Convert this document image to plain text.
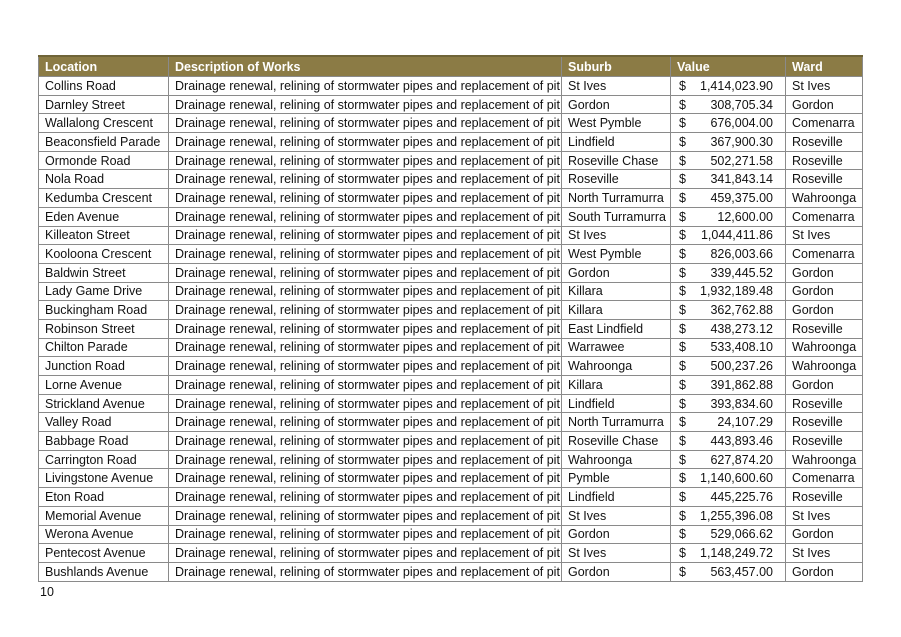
Location	Description of Works	Suburb	Value	Ward
Collins Road	Drainage renewal, relining of stormwater pipes and replacement of pit	St Ives	$ 1,414,023.90	St Ives
Darnley Street	Drainage renewal, relining of stormwater pipes and replacement of pit	Gordon	$ 308,705.34	Gordon
Wallalong Crescent	Drainage renewal, relining of stormwater pipes and replacement of pit	West Pymble	$ 676,004.00	Comenarra
Beaconsfield Parade	Drainage renewal, relining of stormwater pipes and replacement of pit	Lindfield	$ 367,900.30	Roseville
Ormonde Road	Drainage renewal, relining of stormwater pipes and replacement of pit	Roseville Chase	$ 502,271.58	Roseville
Nola Road	Drainage renewal, relining of stormwater pipes and replacement of pit	Roseville	$ 341,843.14	Roseville
Kedumba Crescent	Drainage renewal, relining of stormwater pipes and replacement of pit	North Turramurra	$ 459,375.00	Wahroonga
Eden Avenue	Drainage renewal, relining of stormwater pipes and replacement of pit	South Turramurra	$ 12,600.00	Comenarra
Killeaton Street	Drainage renewal, relining of stormwater pipes and replacement of pit	St Ives	$ 1,044,411.86	St Ives
Kooloona Crescent	Drainage renewal, relining of stormwater pipes and replacement of pit	West Pymble	$ 826,003.66	Comenarra
Baldwin Street	Drainage renewal, relining of stormwater pipes and replacement of pit	Gordon	$ 339,445.52	Gordon
Lady Game Drive	Drainage renewal, relining of stormwater pipes and replacement of pit	Killara	$ 1,932,189.48	Gordon
Buckingham Road	Drainage renewal, relining of stormwater pipes and replacement of pit	Killara	$ 362,762.88	Gordon
Robinson Street	Drainage renewal, relining of stormwater pipes and replacement of pit	East Lindfield	$ 438,273.12	Roseville
Chilton Parade	Drainage renewal, relining of stormwater pipes and replacement of pit	Warrawee	$ 533,408.10	Wahroonga
Junction Road	Drainage renewal, relining of stormwater pipes and replacement of pit	Wahroonga	$ 500,237.26	Wahroonga
Lorne Avenue	Drainage renewal, relining of stormwater pipes and replacement of pit	Killara	$ 391,862.88	Gordon
Strickland Avenue	Drainage renewal, relining of stormwater pipes and replacement of pit	Lindfield	$ 393,834.60	Roseville
Valley Road	Drainage renewal, relining of stormwater pipes and replacement of pit	North Turramurra	$ 24,107.29	Roseville
Babbage Road	Drainage renewal, relining of stormwater pipes and replacement of pit	Roseville Chase	$ 443,893.46	Roseville
Carrington Road	Drainage renewal, relining of stormwater pipes and replacement of pit	Wahroonga	$ 627,874.20	Wahroonga
Livingstone Avenue	Drainage renewal, relining of stormwater pipes and replacement of pit	Pymble	$ 1,140,600.60	Comenarra
Eton Road	Drainage renewal, relining of stormwater pipes and replacement of pit	Lindfield	$ 445,225.76	Roseville
Memorial Avenue	Drainage renewal, relining of stormwater pipes and replacement of pit	St Ives	$ 1,255,396.08	St Ives
Werona Avenue	Drainage renewal, relining of stormwater pipes and replacement of pit	Gordon	$ 529,066.62	Gordon
Pentecost Avenue	Drainage renewal, relining of stormwater pipes and replacement of pit	St Ives	$ 1,148,249.72	St Ives
Bushlands Avenue	Drainage renewal, relining of stormwater pipes and replacement of pit	Gordon	$ 563,457.00	Gordon
10
